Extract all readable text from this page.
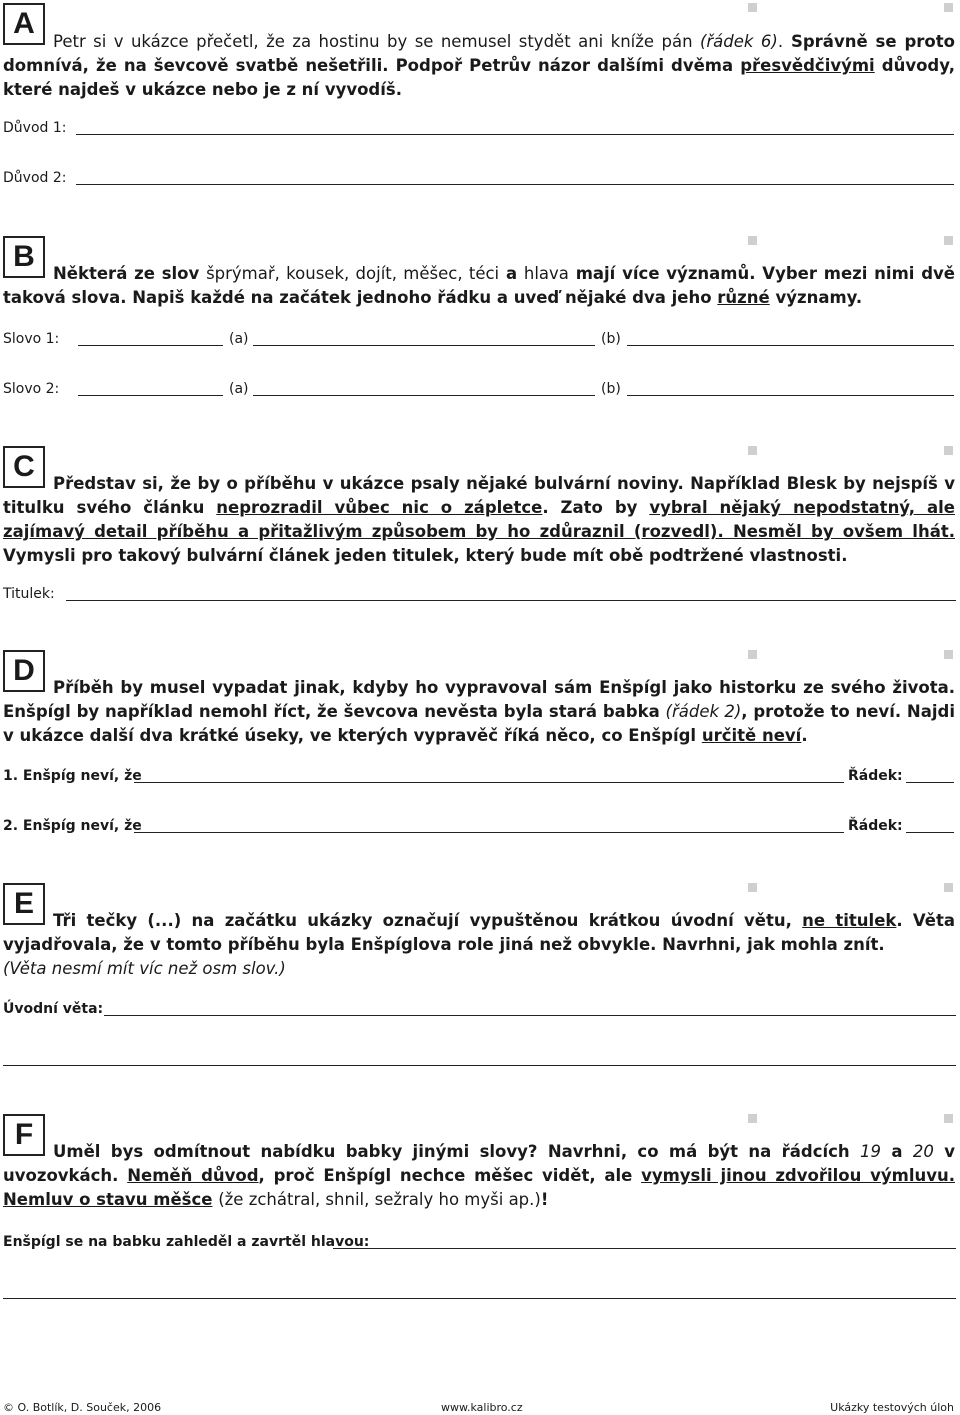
A
Petr si v ukázce přečetl, že za hostinu by se nemusel stydět ani kníže pán (řádek 6). Správně se proto domnívá, že na ševcově svatbě nešetřili. Podpoř Petrův názor dalšími dvěma přesvědčivými důvody, které najdeš v ukázce nebo je z ní vyvodíš.
Důvod 1:
Důvod 2:
B
Některá ze slov šprýmař, kousek, dojít, měšec, téci a hlava mají více významů. Vyber mezi nimi dvě taková slova. Napiš každé na začátek jednoho řádku a uveď nějaké dva jeho různé významy.
Slovo 1:	(a)	(b)
Slovo 2:	(a)	(b)
C
Představ si, že by o příběhu v ukázce psaly nějaké bulvární noviny. Například Blesk by nejspíš v titulku svého článku neprozradil vůbec nic o zápletce. Zato by vybral nějaký nepodstatný, ale zajímavý detail příběhu a přitažlivým způsobem by ho zdůraznil (rozvedl). Nesměl by ovšem lhát. Vymysli pro takový bulvární článek jeden titulek, který bude mít obě podtržené vlastnosti.
Titulek:
D
Příběh by musel vypadat jinak, kdyby ho vypravoval sám Enšpígl jako historku ze svého života. Enšpígl by například nemohl říct, že ševcova nevěsta byla stará babka (řádek 2), protože to neví. Najdi v ukázce další dva krátké úseky, ve kterých vypravěč říká něco, co Enšpígl určitě neví.
1. Enšpíg neví, že	Řádek:
2. Enšpíg neví, že	Řádek:
E
Tři tečky (...) na začátku ukázky označují vypuštěnou krátkou úvodní větu, ne titulek. Věta vyjadřovala, že v tomto příběhu byla Enšpíglova role jiná než obvykle. Navrhni, jak mohla znít.
(Věta nesmí mít víc než osm slov.)
Úvodní věta:
F
Uměl bys odmítnout nabídku babky jinými slovy? Navrhni, co má být na řádcích 19 a 20 v uvozovkách. Neměň důvod, proč Enšpígl nechce měšec vidět, ale vymysli jinou zdvořilou výmluvu. Nemluv o stavu měšce (že zchátral, shnil, sežraly ho myši ap.)!
Enšpígl se na babku zahleděl a zavrtěl hlavou:
© O. Botlík, D. Souček, 2006	www.kalibro.cz	Ukázky testových úloh
